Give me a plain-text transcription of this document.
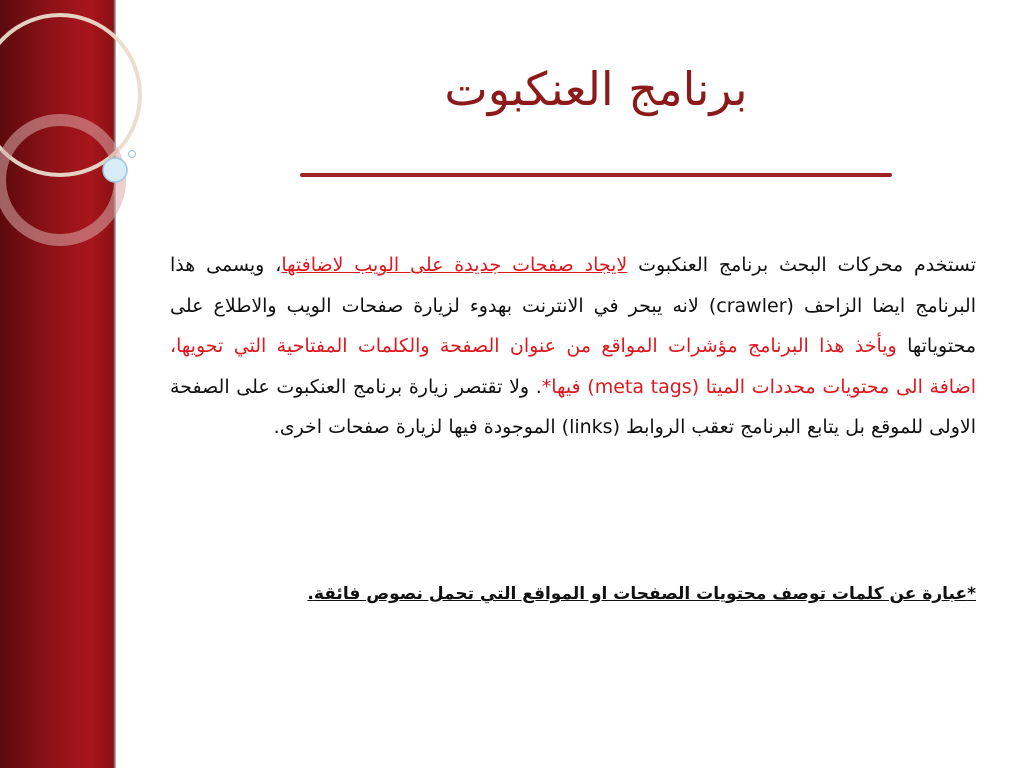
برنامج العنكبوت
تستخدم محركات البحث برنامج العنكبوت لايجاد صفحات جديدة على الويب لاضافتها، ويسمى هذا البرنامج ايضا الزاحف (crawler) لانه يبحر في الانترنت بهدوء لزيارة صفحات الويب والاطلاع على محتوياتها ويأخذ هذا البرنامج مؤشرات المواقع من عنوان الصفحة والكلمات المفتاحية التي تحويها، اضافة الى محتويات محددات الميتا (meta tags) فيها*. ولا تقتصر زيارة برنامج العنكبوت على الصفحة الاولى للموقع بل يتابع البرنامج تعقب الروابط (links) الموجودة فيها لزيارة صفحات اخرى.
*عبارة عن كلمات توصف محتويات الصفحات او المواقع التي تحمل نصوص فائقة.
